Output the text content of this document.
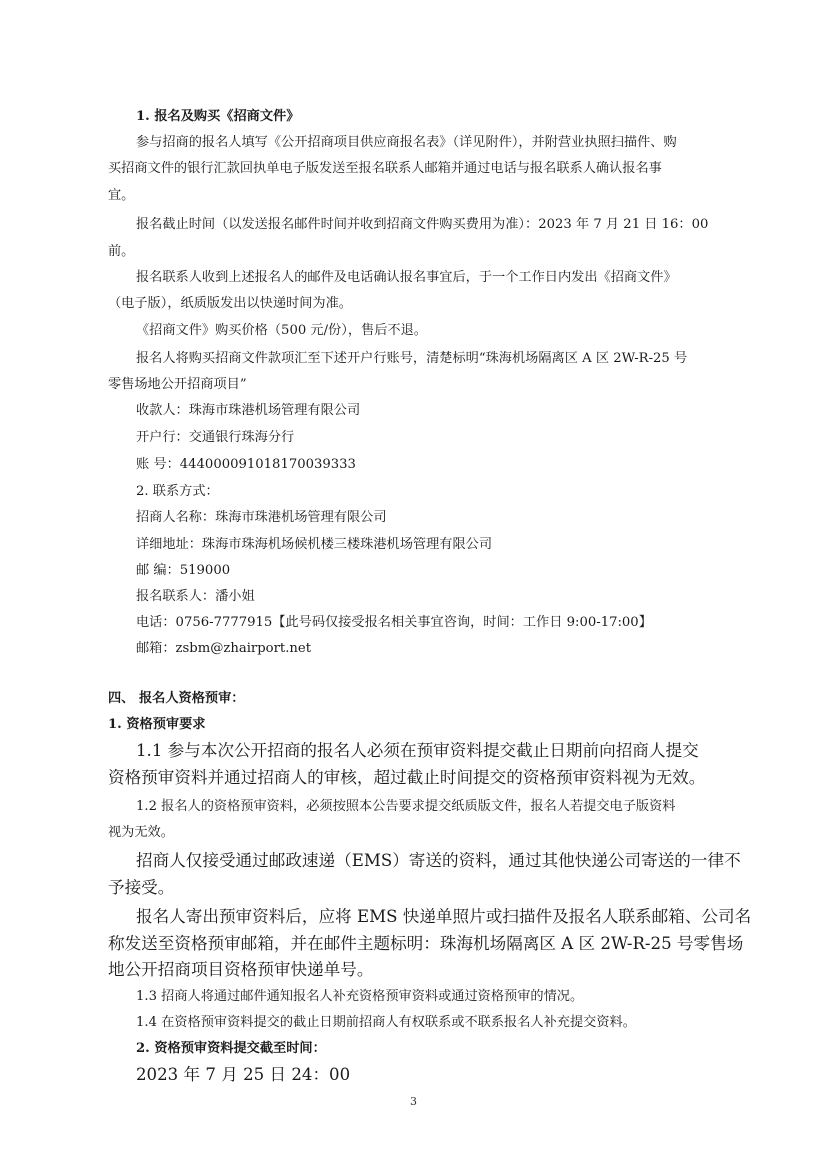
1. 报名及购买《招商文件》
参与招商的报名人填写《公开招商项目供应商报名表》（详见附件），并附营业执照扫描件、购
买招商文件的银行汇款回执单电子版发送至报名联系人邮箱并通过电话与报名联系人确认报名事
宜。
报名截止时间（以发送报名邮件时间并收到招商文件购买费用为准）：2023 年 7 月 21 日 16：00
前。
报名联系人收到上述报名人的邮件及电话确认报名事宜后，于一个工作日内发出《招商文件》
（电子版），纸质版发出以快递时间为准。
《招商文件》购买价格（500 元/份），售后不退。
报名人将购买招商文件款项汇至下述开户行账号，清楚标明“珠海机场隔离区 A 区 2W-R-25 号
零售场地公开招商项目”
收款人：珠海市珠港机场管理有限公司
开户行：交通银行珠海分行
账 号：444000091018170039333
2. 联系方式：
招商人名称：珠海市珠港机场管理有限公司
详细地址：珠海市珠海机场候机楼三楼珠港机场管理有限公司
邮 编：519000
报名联系人：潘小姐
电话：0756-7777915【此号码仅接受报名相关事宜咨询，时间：工作日 9:00-17:00】
邮箱：zsbm@zhairport.net
四、 报名人资格预审：
1. 资格预审要求
1.1 参与本次公开招商的报名人必须在预审资料提交截止日期前向招商人提交
资格预审资料并通过招商人的审核，超过截止时间提交的资格预审资料视为无效。
1.2 报名人的资格预审资料，必须按照本公告要求提交纸质版文件，报名人若提交电子版资料
视为无效。
招商人仅接受通过邮政速递（EMS）寄送的资料，通过其他快递公司寄送的一律不
予接受。
报名人寄出预审资料后，应将 EMS 快递单照片或扫描件及报名人联系邮箱、公司名
称发送至资格预审邮箱，并在邮件主题标明：珠海机场隔离区 A 区 2W-R-25 号零售场
地公开招商项目资格预审快递单号。
1.3 招商人将通过邮件通知报名人补充资格预审资料或通过资格预审的情况。
1.4 在资格预审资料提交的截止日期前招商人有权联系或不联系报名人补充提交资料。
2. 资格预审资料提交截至时间：
2023 年 7 月 25 日 24：00
3
